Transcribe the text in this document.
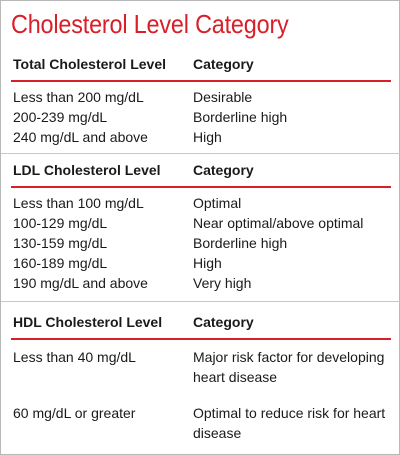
Cholesterol Level Category
Total Cholesterol Level Category
Less than 200 mg/dL	Desirable
200-239 mg/dL	Borderline high
240 mg/dL and above	High
LDL Cholesterol Level Category
Less than 100 mg/dL	Optimal
100-129 mg/dL	Near optimal/above optimal
130-159 mg/dL	Borderline high
160-189 mg/dL	High
190 mg/dL and above	Very high
HDL Cholesterol Level Category
Less than 40 mg/dL	Major risk factor for developing heart disease
60 mg/dL or greater	Optimal to reduce risk for heart disease
